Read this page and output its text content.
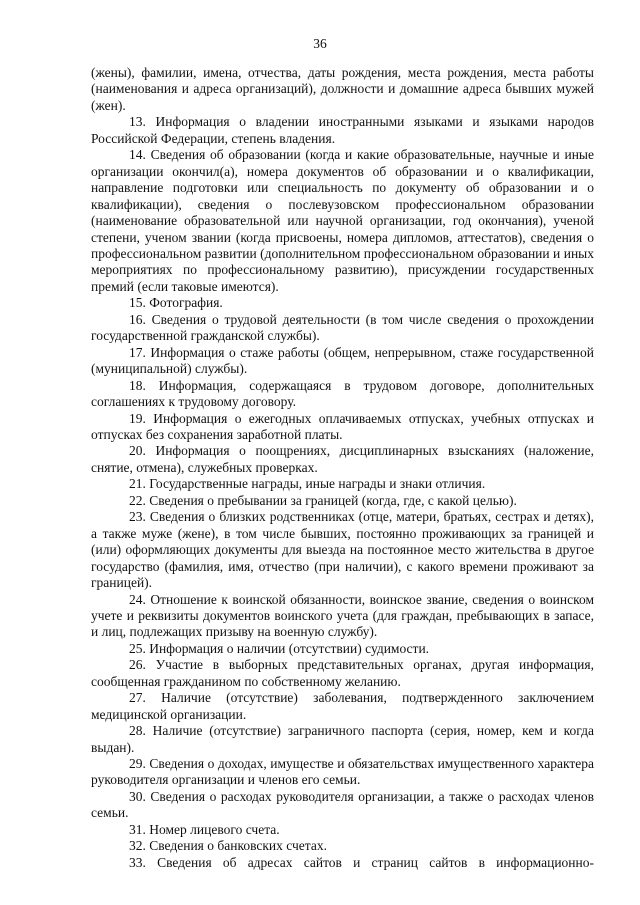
36

(жены), фамилии, имена, отчества, даты рождения, места рождения, места работы (наименования и адреса организаций), должности и домашние адреса бывших мужей (жен).

13. Информация о владении иностранными языками и языками народов Российской Федерации, степень владения.

14. Сведения об образовании (когда и какие образовательные, научные и иные организации окончил(а), номера документов об образовании и о квалификации, направление подготовки или специальность по документу об образовании и о квалификации), сведения о послевузовском профессиональном образовании (наименование образовательной или научной организации, год окончания), ученой степени, ученом звании (когда присвоены, номера дипломов, аттестатов), сведения о профессиональном развитии (дополнительном профессиональном образовании и иных мероприятиях по профессиональному развитию), присуждении государственных премий (если таковые имеются).

15. Фотография.

16. Сведения о трудовой деятельности (в том числе сведения о прохождении государственной гражданской службы).

17. Информация о стаже работы (общем, непрерывном, стаже государственной (муниципальной) службы).

18. Информация, содержащаяся в трудовом договоре, дополнительных соглашениях к трудовому договору.

19. Информация о ежегодных оплачиваемых отпусках, учебных отпусках и отпусках без сохранения заработной платы.

20. Информация о поощрениях, дисциплинарных взысканиях (наложение, снятие, отмена), служебных проверках.

21. Государственные награды, иные награды и знаки отличия.

22. Сведения о пребывании за границей (когда, где, с какой целью).

23. Сведения о близких родственниках (отце, матери, братьях, сестрах и детях), а также муже (жене), в том числе бывших, постоянно проживающих за границей и (или) оформляющих документы для выезда на постоянное место жительства в другое государство (фамилия, имя, отчество (при наличии), с какого времени проживают за границей).

24. Отношение к воинской обязанности, воинское звание, сведения о воинском учете и реквизиты документов воинского учета (для граждан, пребывающих в запасе, и лиц, подлежащих призыву на военную службу).

25. Информация о наличии (отсутствии) судимости.

26. Участие в выборных представительных органах, другая информация, сообщенная гражданином по собственному желанию.

27. Наличие (отсутствие) заболевания, подтвержденного заключением медицинской организации.

28. Наличие (отсутствие) заграничного паспорта (серия, номер, кем и когда выдан).

29. Сведения о доходах, имуществе и обязательствах имущественного характера руководителя организации и членов его семьи.

30. Сведения о расходах руководителя организации, а также о расходах членов семьи.

31. Номер лицевого счета.

32. Сведения о банковских счетах.

33. Сведения об адресах сайтов и страниц сайтов в информационно-
